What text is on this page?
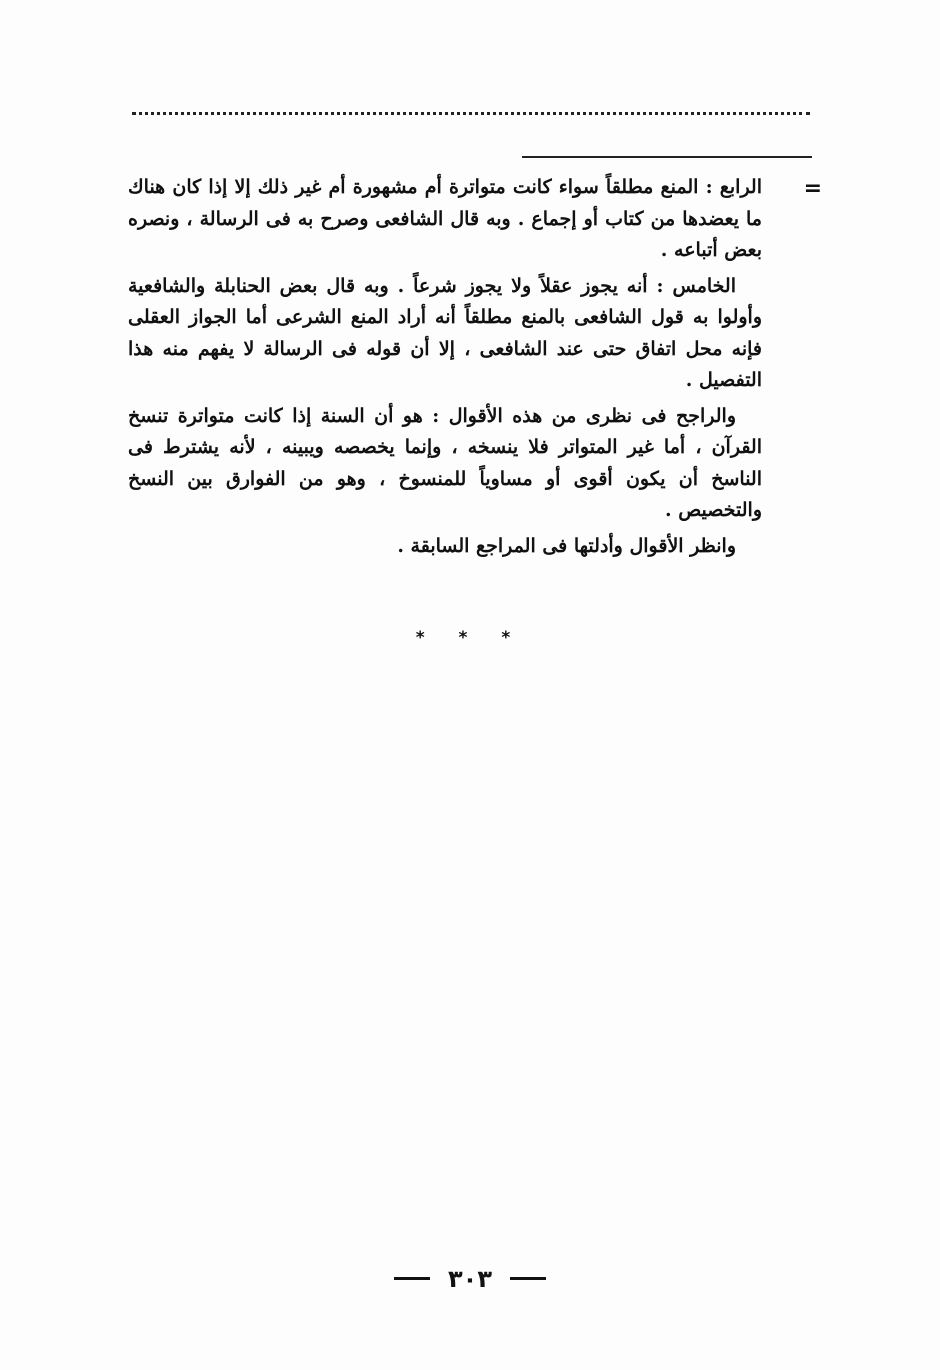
=

الرابع : المنع مطلقاً سواء كانت متواترة أم مشهورة أم غير ذلك إلا إذا كان هناك ما يعضدها من كتاب أو إجماع . وبه قال الشافعى وصرح به فى الرسالة ، ونصره بعض أتباعه .

الخامس : أنه يجوز عقلاً ولا يجوز شرعاً . وبه قال بعض الحنابلة والشافعية وأولوا به قول الشافعى بالمنع مطلقاً أنه أراد المنع الشرعى أما الجواز العقلى فإنه محل اتفاق حتى عند الشافعى ، إلا أن قوله فى الرسالة لا يفهم منه هذا التفصيل .

والراجح فى نظرى من هذه الأقوال : هو أن السنة إذا كانت متواترة تنسخ القرآن ، أما غير المتواتر فلا ينسخه ، وإنما يخصصه ويبينه ، لأنه يشترط فى الناسخ أن يكون أقوى أو مساوياً للمنسوخ ، وهو من الفوارق بين النسخ والتخصيص .

وانظر الأقوال وأدلتها فى المراجع السابقة .

* * *
٣٠٣
